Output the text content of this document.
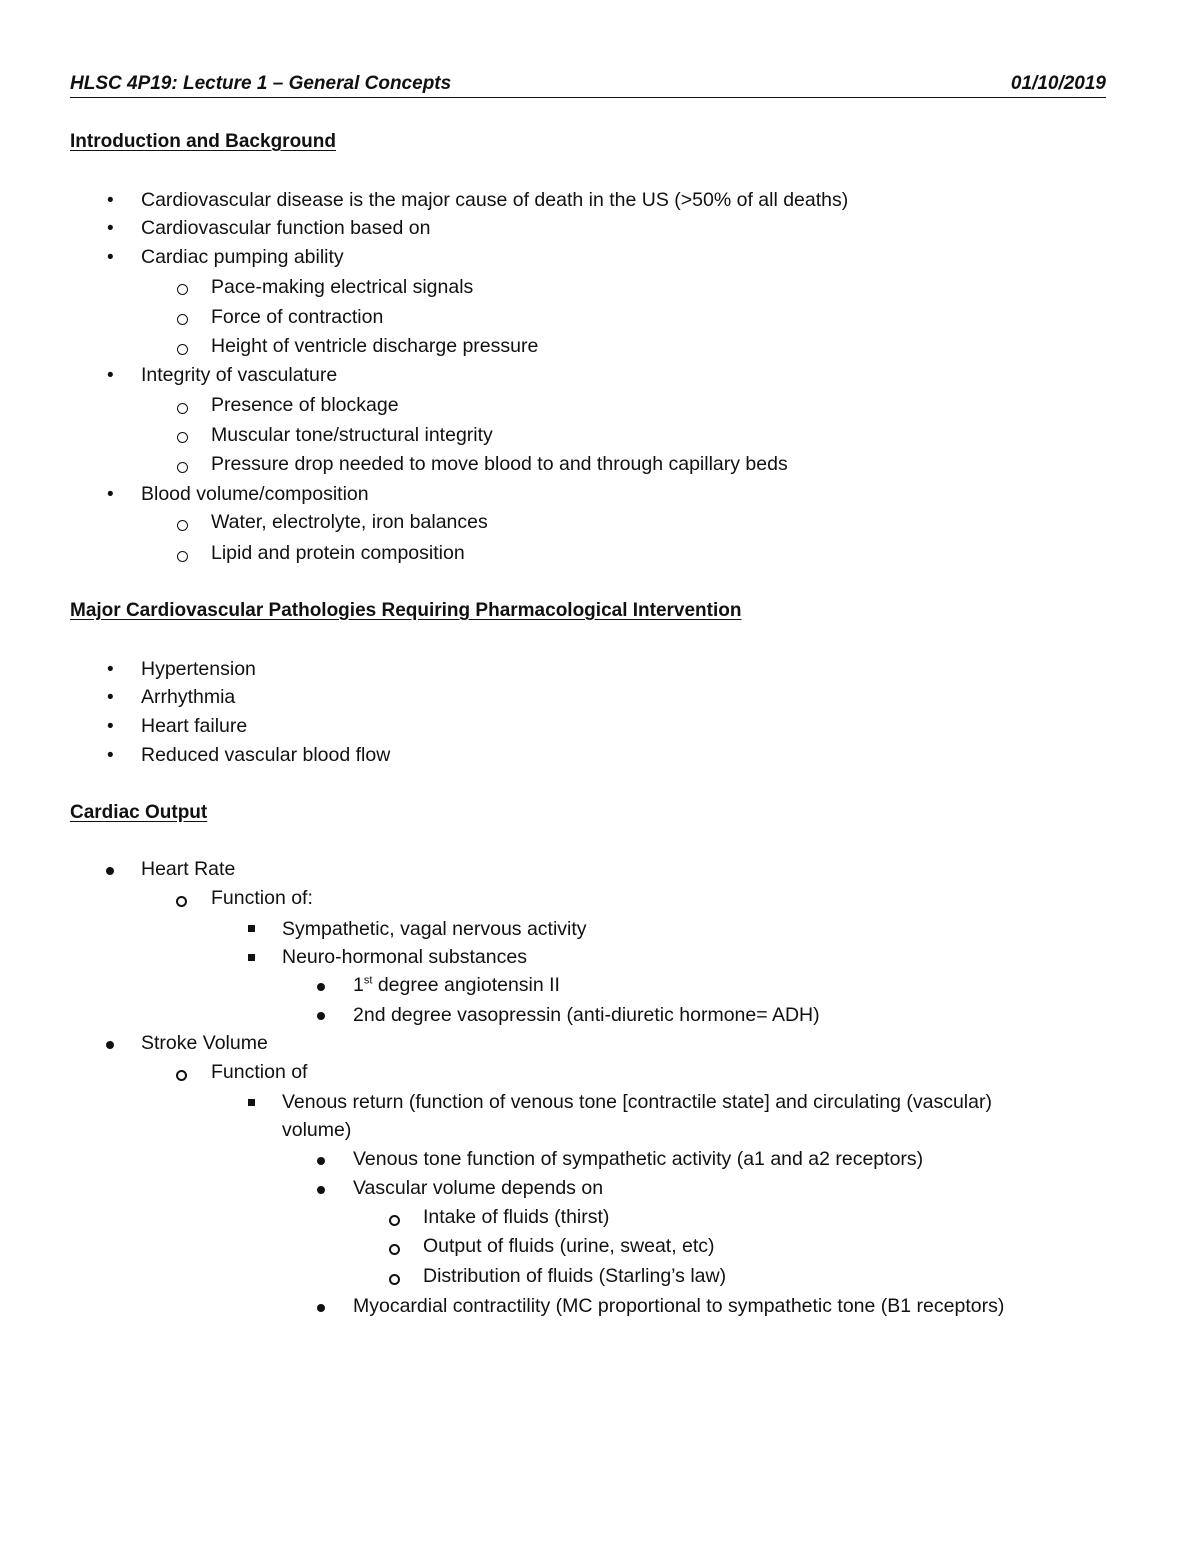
HLSC 4P19: Lecture 1 – General Concepts	01/10/2019
Introduction and Background
• Cardiovascular disease is the major cause of death in the US (>50% of all deaths)
• Cardiovascular function based on
• Cardiac pumping ability
Pace-making electrical signals
Force of contraction
Height of ventricle discharge pressure
• Integrity of vasculature
Presence of blockage
Muscular tone/structural integrity
Pressure drop needed to move blood to and through capillary beds
• Blood volume/composition
Water, electrolyte, iron balances
Lipid and protein composition
Major Cardiovascular Pathologies Requiring Pharmacological Intervention
• Hypertension
• Arrhythmia
• Heart failure
• Reduced vascular blood flow
Cardiac Output
Heart Rate
Function of:
Sympathetic, vagal nervous activity
Neuro-hormonal substances
1st degree angiotensin II
2nd degree vasopressin (anti-diuretic hormone= ADH)
Stroke Volume
Function of
Venous return (function of venous tone [contractile state] and circulating (vascular)
volume)
Venous tone function of sympathetic activity (a1 and a2 receptors)
Vascular volume depends on
Intake of fluids (thirst)
Output of fluids (urine, sweat, etc)
Distribution of fluids (Starling’s law)
Myocardial contractility (MC proportional to sympathetic tone (B1 receptors)
